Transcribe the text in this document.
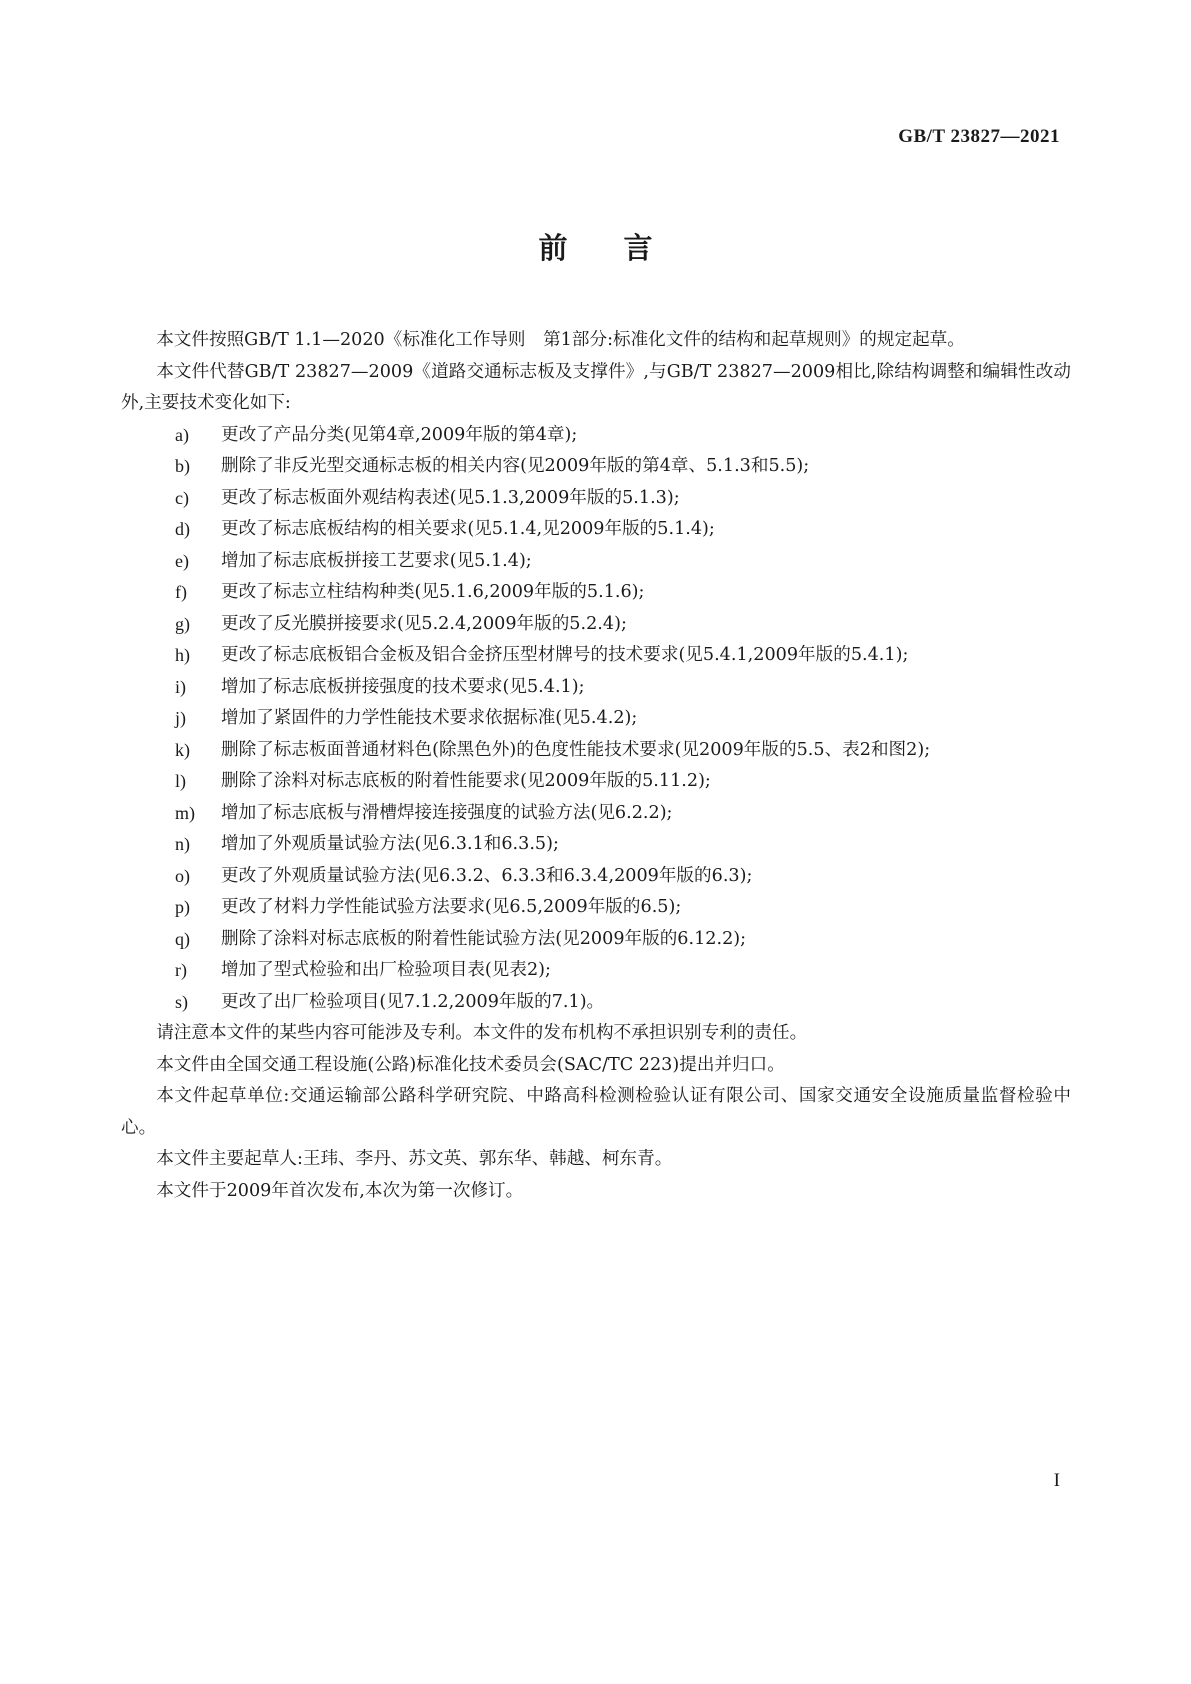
GB/T 23827—2021
前言

本文件按照GB/T 1.1—2020《标准化工作导则　第1部分:标准化文件的结构和起草规则》的规定起草。

本文件代替GB/T 23827—2009《道路交通标志板及支撑件》,与GB/T 23827—2009相比,除结构调整和编辑性改动外,主要技术变化如下:

a)	更改了产品分类(见第4章,2009年版的第4章);
b)	删除了非反光型交通标志板的相关内容(见2009年版的第4章、5.1.3和5.5);
c)	更改了标志板面外观结构表述(见5.1.3,2009年版的5.1.3);
d)	更改了标志底板结构的相关要求(见5.1.4,见2009年版的5.1.4);
e)	增加了标志底板拼接工艺要求(见5.1.4);
f)	更改了标志立柱结构种类(见5.1.6,2009年版的5.1.6);
g)	更改了反光膜拼接要求(见5.2.4,2009年版的5.2.4);
h)	更改了标志底板铝合金板及铝合金挤压型材牌号的技术要求(见5.4.1,2009年版的5.4.1);
i)	增加了标志底板拼接强度的技术要求(见5.4.1);
j)	增加了紧固件的力学性能技术要求依据标准(见5.4.2);
k)	删除了标志板面普通材料色(除黑色外)的色度性能技术要求(见2009年版的5.5、表2和图2);
l)	删除了涂料对标志底板的附着性能要求(见2009年版的5.11.2);
m)	增加了标志底板与滑槽焊接连接强度的试验方法(见6.2.2);
n)	增加了外观质量试验方法(见6.3.1和6.3.5);
o)	更改了外观质量试验方法(见6.3.2、6.3.3和6.3.4,2009年版的6.3);
p)	更改了材料力学性能试验方法要求(见6.5,2009年版的6.5);
q)	删除了涂料对标志底板的附着性能试验方法(见2009年版的6.12.2);
r)	增加了型式检验和出厂检验项目表(见表2);
s)	更改了出厂检验项目(见7.1.2,2009年版的7.1)。

请注意本文件的某些内容可能涉及专利。本文件的发布机构不承担识别专利的责任。

本文件由全国交通工程设施(公路)标准化技术委员会(SAC/TC 223)提出并归口。

本文件起草单位:交通运输部公路科学研究院、中路高科检测检验认证有限公司、国家交通安全设施质量监督检验中心。

本文件主要起草人:王玮、李丹、苏文英、郭东华、韩越、柯东青。

本文件于2009年首次发布,本次为第一次修订。

I
